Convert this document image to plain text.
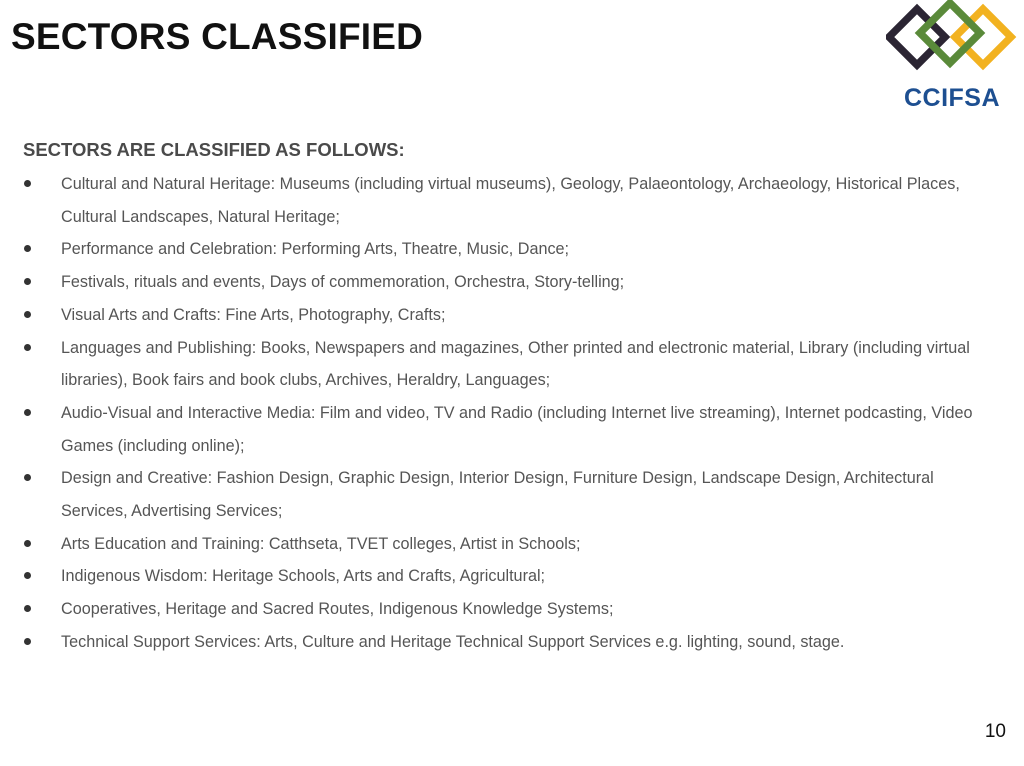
SECTORS CLASSIFIED
CCIFSA
SECTORS ARE CLASSIFIED AS FOLLOWS:
Cultural and Natural Heritage: Museums (including virtual museums), Geology, Palaeontology, Archaeology, Historical Places, Cultural Landscapes, Natural Heritage;
Performance and Celebration: Performing Arts, Theatre, Music, Dance;
Festivals, rituals and events, Days of commemoration, Orchestra, Story-telling;
Visual Arts and Crafts: Fine Arts, Photography, Crafts;
Languages and Publishing: Books, Newspapers and magazines, Other printed and electronic material, Library (including virtual libraries), Book fairs and book clubs, Archives, Heraldry, Languages;
Audio-Visual and Interactive Media: Film and video, TV and Radio (including Internet live streaming), Internet podcasting, Video Games (including online);
Design and Creative: Fashion Design, Graphic Design, Interior Design, Furniture Design, Landscape Design, Architectural Services, Advertising Services;
Arts Education and Training: Catthseta, TVET colleges, Artist in Schools;
Indigenous Wisdom: Heritage Schools, Arts and Crafts, Agricultural;
Cooperatives, Heritage and Sacred Routes, Indigenous Knowledge Systems;
Technical Support Services: Arts, Culture and Heritage Technical Support Services e.g. lighting, sound, stage.
10
